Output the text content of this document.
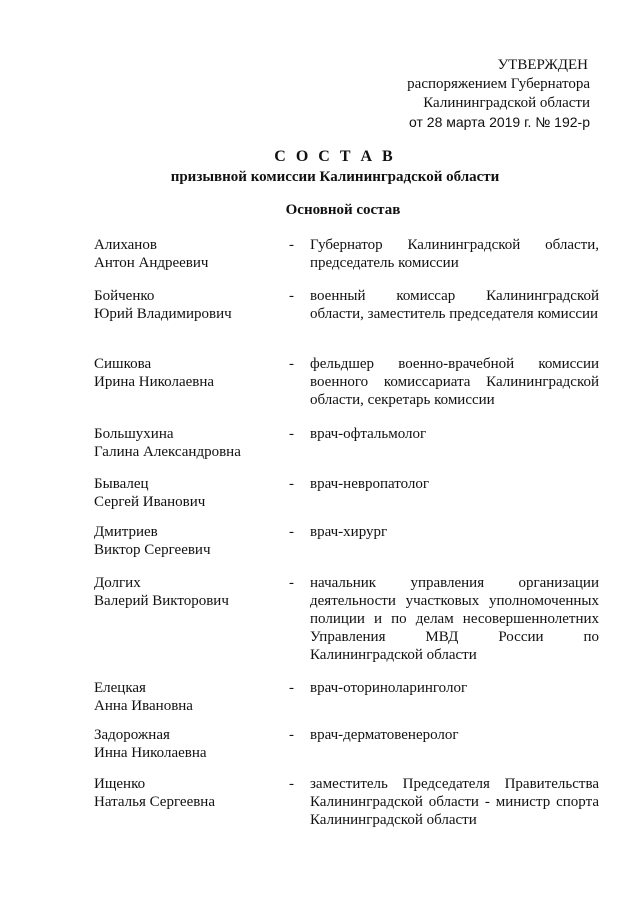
УТВЕРЖДЕН
распоряжением Губернатора
Калининградской области
от 28 марта 2019 г. № 192-р
С О С Т А В
призывной комиссии Калининградской области
Основной состав
Алиханов
Антон Андреевич
- Губернатор Калининградской области, председатель комиссии
Бойченко
Юрий Владимирович
- военный комиссар Калининградской области, заместитель председателя комиссии
Сишкова
Ирина Николаевна
- фельдшер военно-врачебной комиссии военного комиссариата Калининградской области, секретарь комиссии
Большухина
Галина Александровна
- врач-офтальмолог
Бывалец
Сергей Иванович
- врач-невропатолог
Дмитриев
Виктор Сергеевич
- врач-хирург
Долгих
Валерий Викторович
- начальник управления организации деятельности участковых уполномоченных полиции и по делам несовершеннолетних Управления МВД России по Калининградской области
Елецкая
Анна Ивановна
- врач-оториноларинголог
Задорожная
Инна Николаевна
- врач-дерматовенеролог
Ищенко
Наталья Сергеевна
- заместитель Председателя Правительства Калининградской области - министр спорта Калининградской области
